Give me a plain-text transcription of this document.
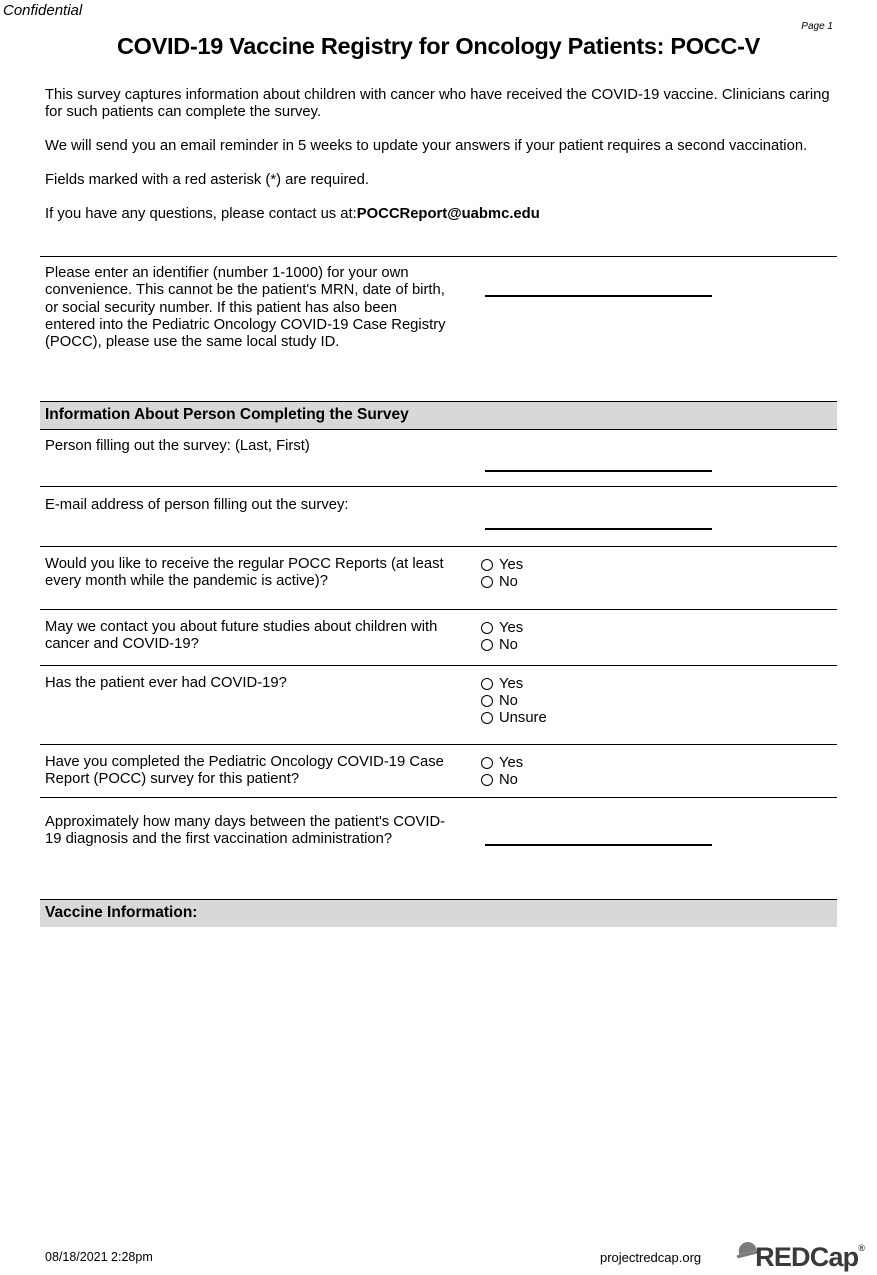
Confidential
Page 1
COVID-19 Vaccine Registry for Oncology Patients: POCC-V

This survey captures information about children with cancer who have received the COVID-19 vaccine. Clinicians caring for such patients can complete the survey.

We will send you an email reminder in 5 weeks to update your answers if your patient requires a second vaccination.

Fields marked with a red asterisk (*) are required.

If you have any questions, please contact us at:POCCReport@uabmc.edu

Please enter an identifier (number 1-1000) for your own convenience. This cannot be the patient's MRN, date of birth, or social security number. If this patient has also been entered into the Pediatric Oncology COVID-19 Case Registry (POCC), please use the same local study ID.
Information About Person Completing the Survey
Person filling out the survey: (Last, First)
E-mail address of person filling out the survey:
Would you like to receive the regular POCC Reports (at least every month while the pandemic is active)?
Yes
No
May we contact you about future studies about children with cancer and COVID-19?
Yes
No
Has the patient ever had COVID-19?	Yes
No
Unsure
Have you completed the Pediatric Oncology COVID-19 Case Report (POCC) survey for this patient?
Yes
No
Approximately how many days between the patient's COVID-19 diagnosis and the first vaccination administration?
Vaccine Information:
08/18/2021 2:28pm	projectredcap.org REDCap ®
